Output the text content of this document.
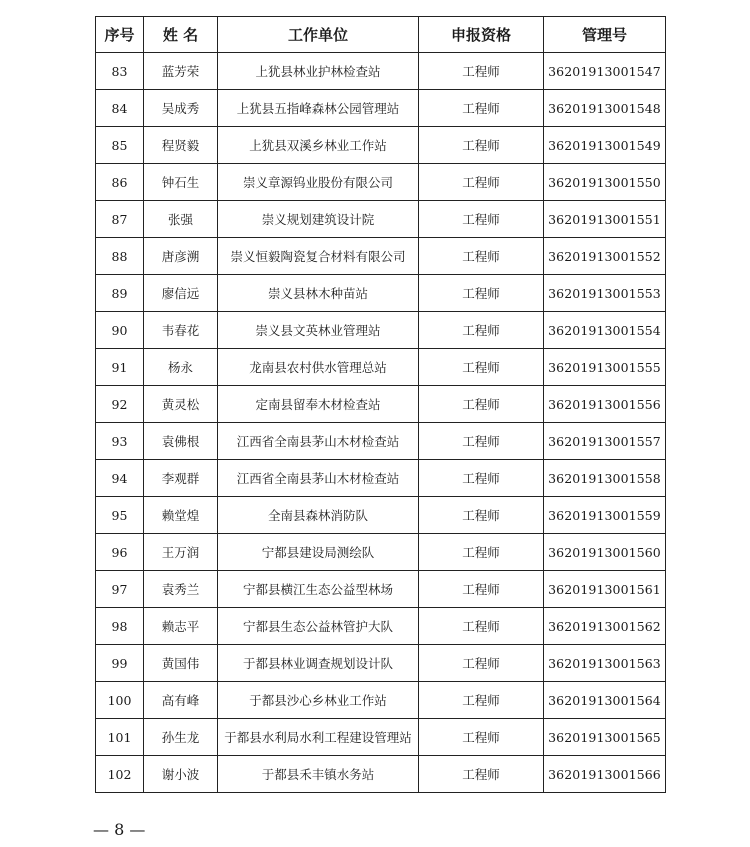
序号	姓 名	工作单位	申报资格	管理号
83	蓝芳荣	上犹县林业护林检查站	工程师	36201913001547
84	吴成秀	上犹县五指峰森林公园管理站	工程师	36201913001548
85	程贤毅	上犹县双溪乡林业工作站	工程师	36201913001549
86	钟石生	崇义章源钨业股份有限公司	工程师	36201913001550
87	张强	崇义规划建筑设计院	工程师	36201913001551
88	唐彦溯	崇义恒毅陶瓷复合材料有限公司	工程师	36201913001552
89	廖信远	崇义县林木种苗站	工程师	36201913001553
90	韦春花	崇义县文英林业管理站	工程师	36201913001554
91	杨永	龙南县农村供水管理总站	工程师	36201913001555
92	黄灵松	定南县留奉木材检查站	工程师	36201913001556
93	袁佛根	江西省全南县茅山木材检查站	工程师	36201913001557
94	李观群	江西省全南县茅山木材检查站	工程师	36201913001558
95	赖堂煌	全南县森林消防队	工程师	36201913001559
96	王万润	宁都县建设局测绘队	工程师	36201913001560
97	袁秀兰	宁都县横江生态公益型林场	工程师	36201913001561
98	赖志平	宁都县生态公益林管护大队	工程师	36201913001562
99	黄国伟	于都县林业调查规划设计队	工程师	36201913001563
100	高有峰	于都县沙心乡林业工作站	工程师	36201913001564
101	孙生龙	于都县水利局水利工程建设管理站	工程师	36201913001565
102	谢小波	于都县禾丰镇水务站	工程师	36201913001566
— 8 —
